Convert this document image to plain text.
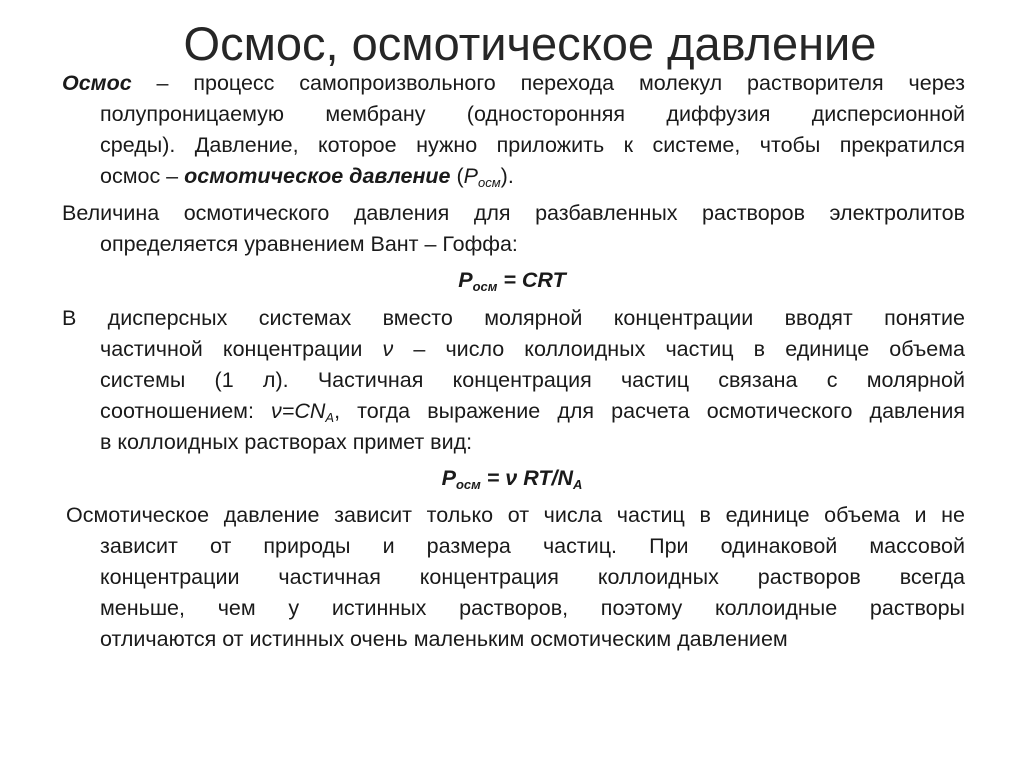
Осмос, осмотическое давление
Осмос – процесс самопроизвольного перехода молекул растворителя через
полупроницаемую мембрану (односторонняя диффузия дисперсионной
среды). Давление, которое нужно приложить к системе, чтобы прекратился
осмос – осмотическое давление $(P_{осм})$.
Величина осмотического давления для разбавленных растворов электролитов
определяется уравнением Вант – Гоффа:
$P_{осм}$ = CRT
В дисперсных системах вместо молярной концентрации вводят понятие
частичной концентрации ν – число коллоидных частиц в единице объема
системы (1 л). Частичная концентрация частиц связана с молярной
соотношением: $\nu=CN_A$, тогда выражение для расчета осмотического давления
в коллоидных растворах примет вид:
$P_{осм} = \nu$ $RT/N_A$
Осмотическое давление зависит только от числа частиц в единице объема и не
зависит от природы и размера частиц. При одинаковой массовой
концентрации частичная концентрация коллоидных растворов всегда
меньше, чем у истинных растворов, поэтому коллоидные растворы
отличаются от истинных очень маленьким осмотическим давлением
